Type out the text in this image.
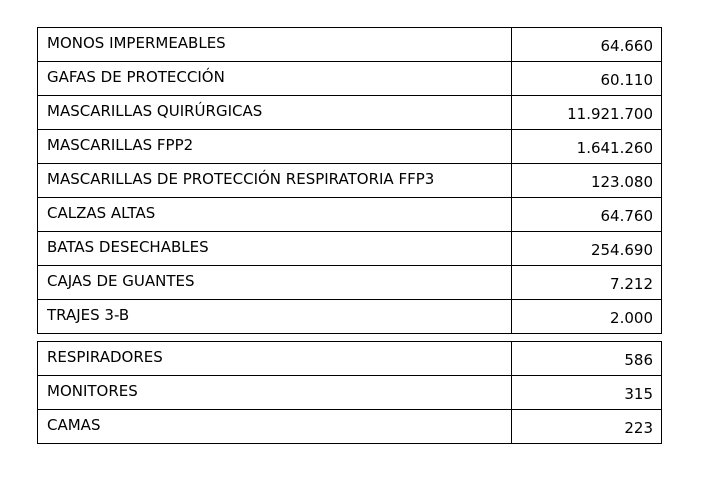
MONOS IMPERMEABLES	64.660
GAFAS DE PROTECCIÓN	60.110
MASCARILLAS QUIRÚRGICAS	11.921.700
MASCARILLAS FPP2	1.641.260
MASCARILLAS DE PROTECCIÓN RESPIRATORIA FFP3	123.080
CALZAS ALTAS	64.760
BATAS DESECHABLES	254.690
CAJAS DE GUANTES	7.212
TRAJES 3-B	2.000
RESPIRADORES	586
MONITORES	315
CAMAS	223
